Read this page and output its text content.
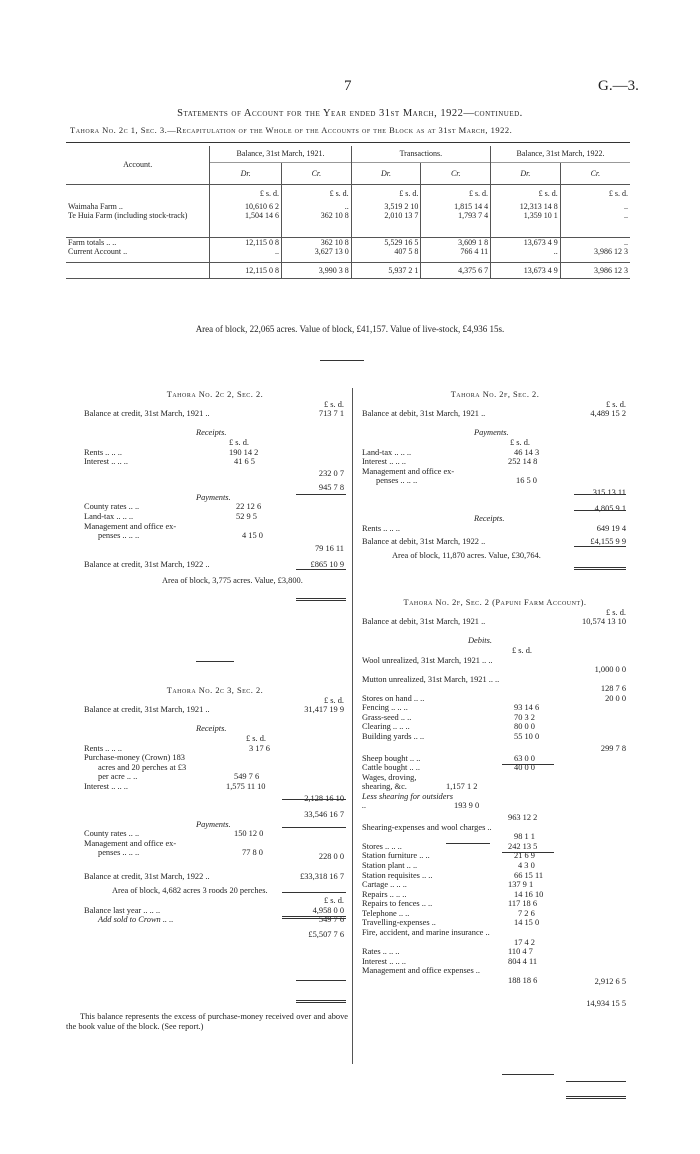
7	G.—3.
Statements of Account for the Year ended 31st March, 1922—continued.
Tahora No. 2c 1, Sec. 3.—Recapitulation of the Whole of the Accounts of the Block as at 31st March, 1922.
Account.	Balance, 31st March, 1921.		Transactions.		Balance, 31st March, 1922.	
	Dr.	Cr.	Dr.	Cr.	Dr.	Cr.
	£ s. d.	£ s. d.	£ s. d.	£ s. d.	£ s. d.	£ s. d.
Waimaha Farm ..	10,610 6 2	..	3,519 2 10	1,815 14 4	12,313 14 8	..
Te Huia Farm (including stock-track)	1,504 14 6	362 10 8	2,010 13 7	1,793 7 4	1,359 10 1	..
Farm totals .. ..	12,115 0 8	362 10 8	5,529 16 5	3,609 1 8	13,673 4 9	..
Current Account ..	..	3,627 13 0	407 5 8	766 4 11	..	3,986 12 3
	12,115 0 8	3,990 3 8	5,937 2 1	4,375 6 7	13,673 4 9	3,986 12 3
Area of block, 22,065 acres. Value of block, £41,157. Value of live-stock, £4,936 15s.
Tahora No. 2c 2, Sec. 2.
£ s. d.
Balance at credit, 31st March, 1921 ..	713 7 1
Receipts.
£ s. d.
Rents .. .. ..	190 14 2
Interest .. .. ..	41 6 5
232 0 7
945 7 8
Payments.
County rates .. ..	22 12 6
Land-tax .. .. ..	52 9 5
Management and office ex-
penses .. .. ..	4 15 0
79 16 11
Balance at credit, 31st March, 1922 ..	£865 10 9
Area of block, 3,775 acres. Value, £3,800.
Tahora No. 2c 3, Sec. 2.
£ s. d.
Balance at credit, 31st March, 1921 ..	31,417 19 9
Receipts.
£ s. d.
Rents .. .. ..	3 17 6
Purchase-money (Crown) 183
acres and 20 perches at £3
per acre .. ..	549 7 6
Interest .. .. ..	1,575 11 10
2,128 16 10
33,546 16 7
Payments.
County rates .. ..	150 12 0
Management and office ex-
penses .. .. ..	77 8 0	228 0 0
Balance at credit, 31st March, 1922 ..	£33,318 16 7
Area of block, 4,682 acres 3 roods 20 perches.
£ s. d.
Balance last year .. .. ..	4,958 0 0
Add sold to Crown .. ..	549 7 6
£5,507 7 6
This balance represents the excess of purchase-money received over and above the book value of the block. (See report.)
Tahora No. 2f, Sec. 2.
£ s. d.
Balance at debit, 31st March, 1921 ..	4,489 15 2
Payments.
£ s. d.
Land-tax .. .. ..	46 14 3
Interest .. .. ..	252 14 8
Management and office ex-
penses .. .. ..	16 5 0
315 13 11
4,805 9 1
Receipts.
Rents .. .. ..	649 19 4
Balance at debit, 31st March, 1922 ..	£4,155 9 9
Area of block, 11,870 acres. Value, £30,764.
Tahora No. 2f, Sec. 2 (Papuni Farm Account).
£ s. d.
Balance at debit, 31st March, 1921 ..	10,574 13 10
Debits.
£ s. d.
Wool unrealized, 31st March, 1921 .. ..
1,000 0 0
Mutton unrealized, 31st March, 1921 .. ..
128 7 6
Stores on hand .. ..	20 0 0
Fencing .. .. ..	93 14 6
Grass-seed .. ..	70 3 2
Clearing .. .. ..	80 0 0
Building yards .. ..	55 10 0
299 7 8
Sheep bought .. ..	63 0 0
Cattle bought .. ..	40 0 0
Wages, droving, shearing, &c.	1,157 1 2
Less shearing for outsiders ..	193 9 0
963 12 2
Shearing-expenses and wool charges ..
98 1 1
Stores .. .. ..	242 13 5
Station furniture .. ..	21 6 9
Station plant .. ..	4 3 0
Station requisites .. ..	66 15 11
Cartage .. .. ..	137 9 1
Repairs .. .. ..	14 16 10
Repairs to fences .. ..	117 18 6
Telephone .. ..	7 2 6
Travelling-expenses ..	14 15 0
Fire, accident, and marine insurance ..
17 4 2
Rates .. .. ..	110 4 7
Interest .. .. ..	804 4 11
Management and office expenses ..
188 18 6	2,912 6 5
14,934 15 5
